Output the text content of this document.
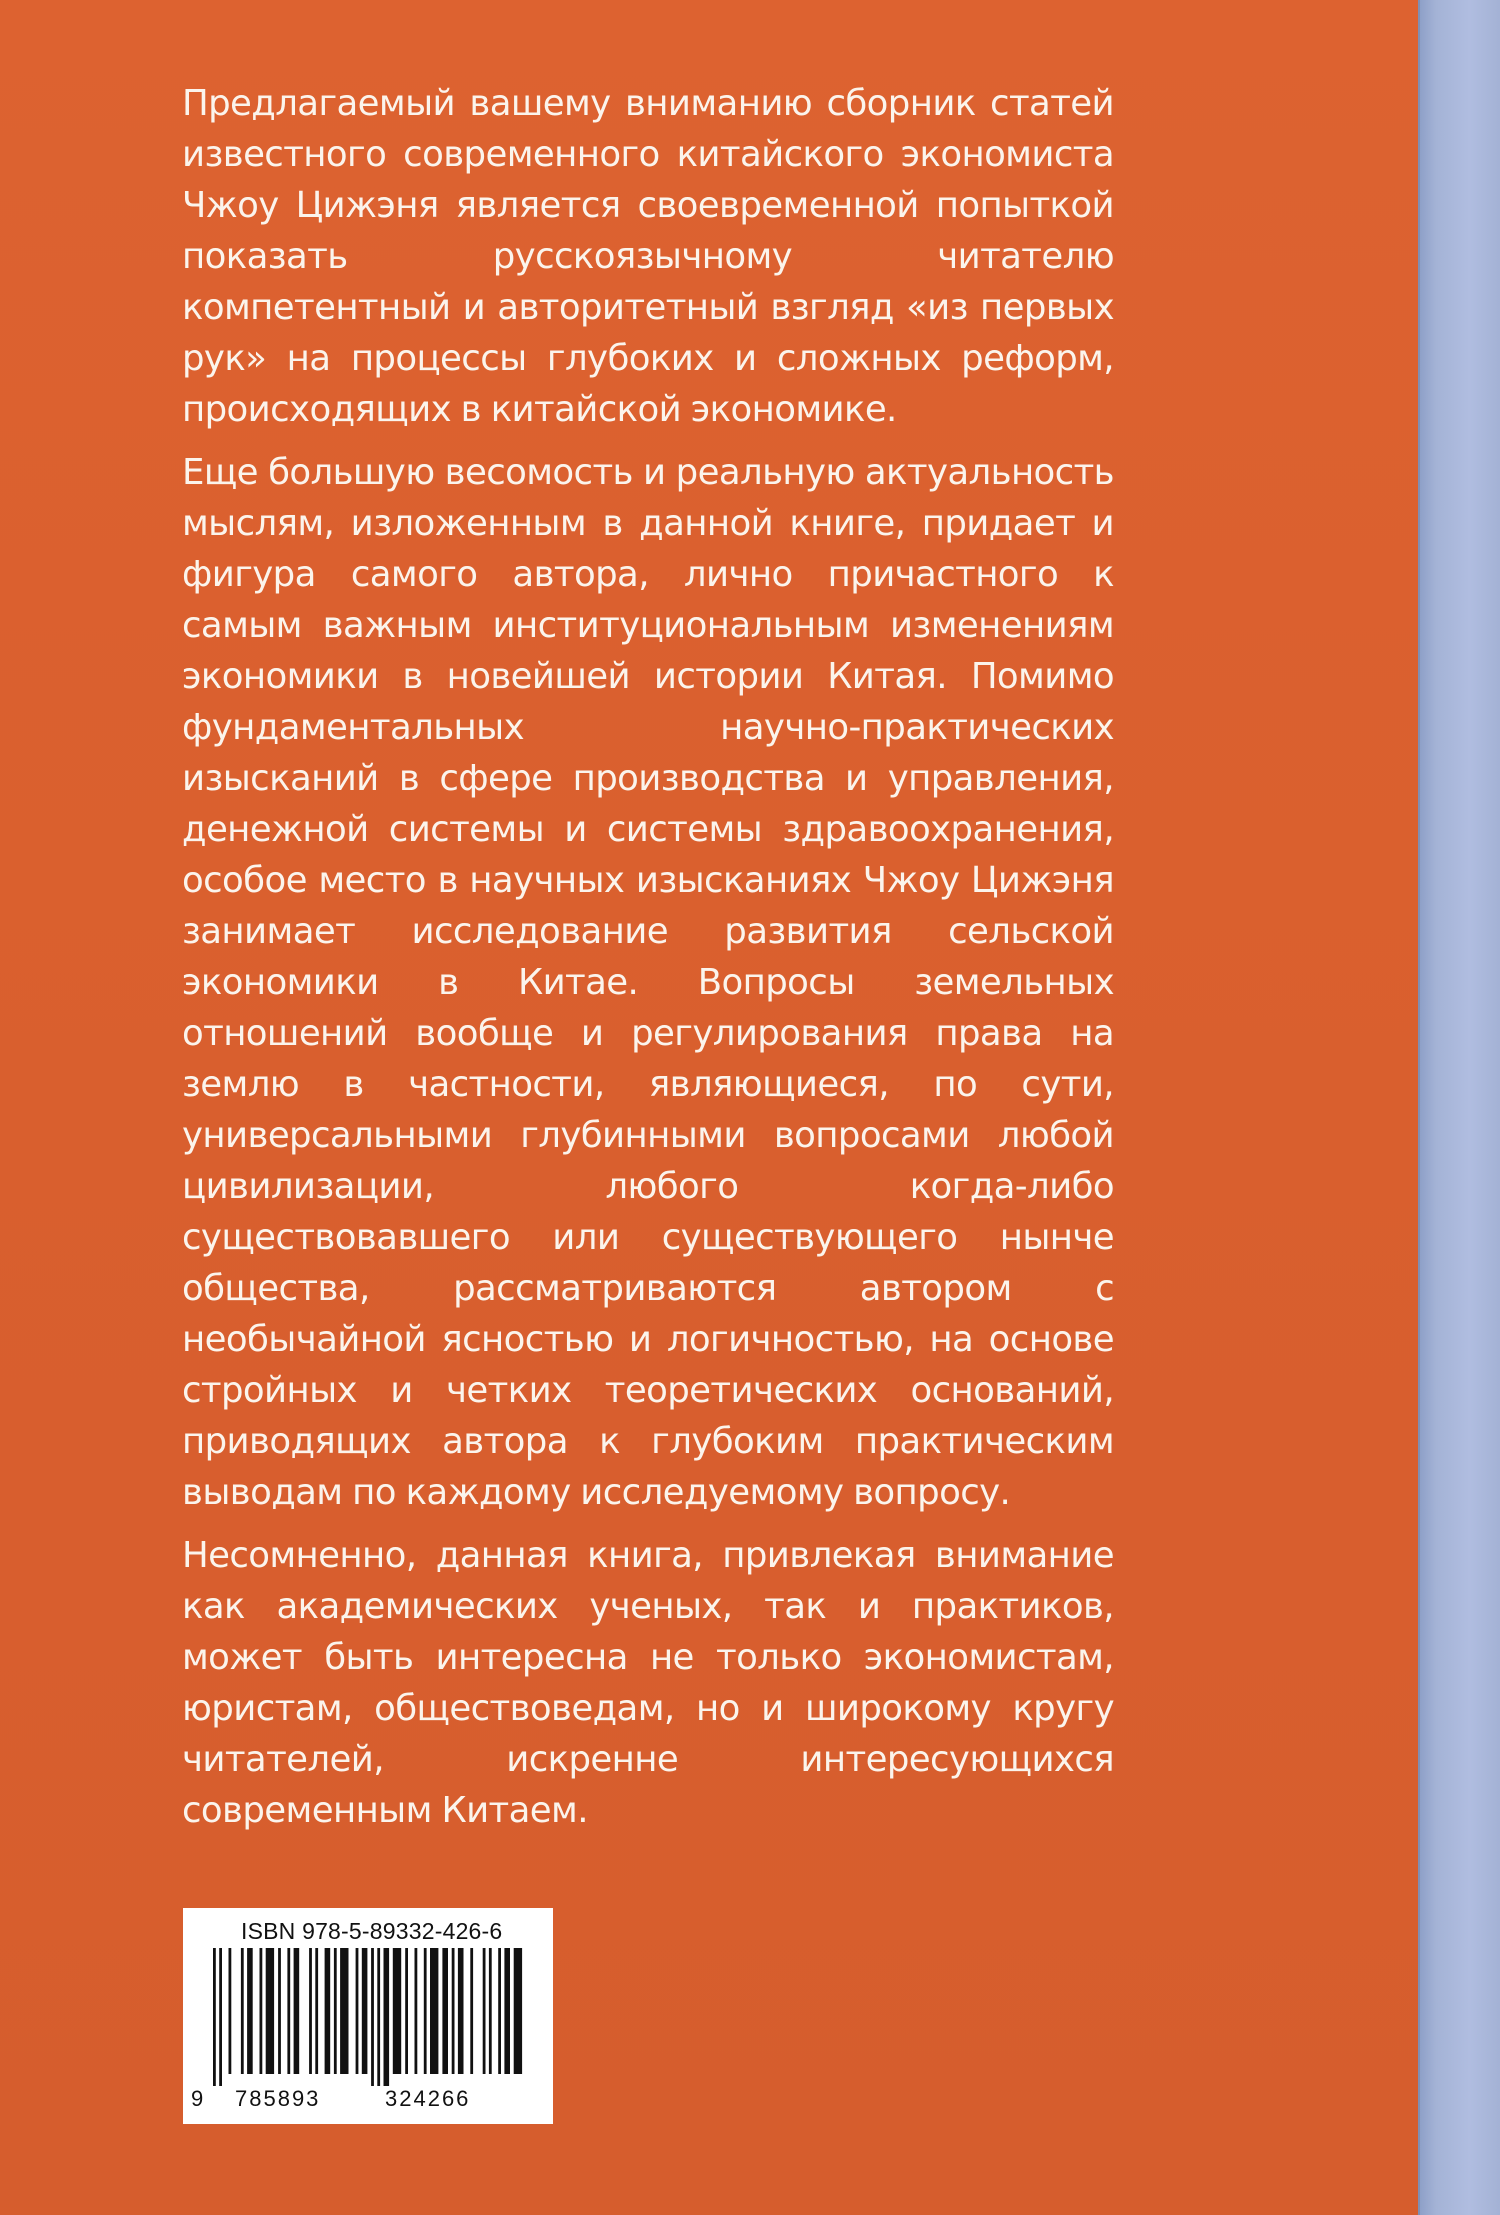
Предлагаемый вашему вниманию сборник статей известного современного китайского экономиста Чжоу Цижэня является своевременной попыткой показать русскоязычному читателю компетентный и авторитетный взгляд «из первых рук» на процессы глубоких и сложных реформ, происходящих в китайской экономике.

Еще большую весомость и реальную актуальность мыслям, изложенным в данной книге, придает и фигура самого автора, лично причастного к самым важным институциональным изменениям экономики в новейшей истории Китая. Помимо фундаментальных научно-практических изысканий в сфере производства и управления, денежной системы и системы здравоохранения, особое место в научных изысканиях Чжоу Цижэня занимает исследование развития сельской экономики в Китае. Вопросы земельных отношений вообще и регулирования права на землю в частности, являющиеся, по сути, универсальными глубинными вопросами любой цивилизации, любого когда-либо существовавшего или существующего нынче общества, рассматриваются автором с необычайной ясностью и логичностью, на основе стройных и четких теоретических оснований, приводящих автора к глубоким практическим выводам по каждому исследуемому вопросу.

Несомненно, данная книга, привлекая внимание как академических ученых, так и практиков, может быть интересна не только экономистам, юристам, обществоведам, но и широкому кругу читателей, искренне интересующихся современным Китаем.

ISBN 978-5-89332-426-6
9 785893	324266
